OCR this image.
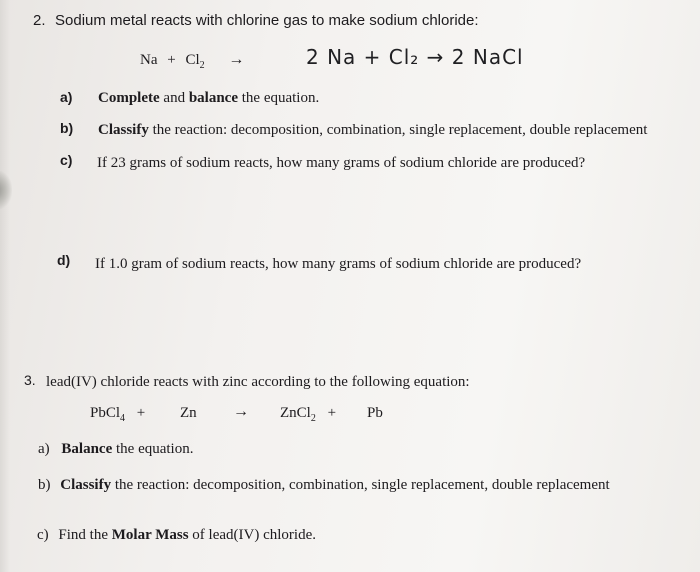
2. Sodium metal reacts with chlorine gas to make sodium chloride:
$Na + Cl_2$ →	2 Na + Cl₂ → 2 NaCl
a) Complete and balance the equation.
b) Classify the reaction: decomposition, combination, single replacement, double replacement
c) If 23 grams of sodium reacts, how many grams of sodium chloride are produced?
d) If 1.0 gram of sodium reacts, how many grams of sodium chloride are produced?
3. lead(IV) chloride reacts with zinc according to the following equation:
PbCl$_4$ + Zn → ZnCl$_2$ + Pb
a) Balance the equation.
b) Classify the reaction: decomposition, combination, single replacement, double replacement
c) Find the Molar Mass of lead(IV) chloride.
